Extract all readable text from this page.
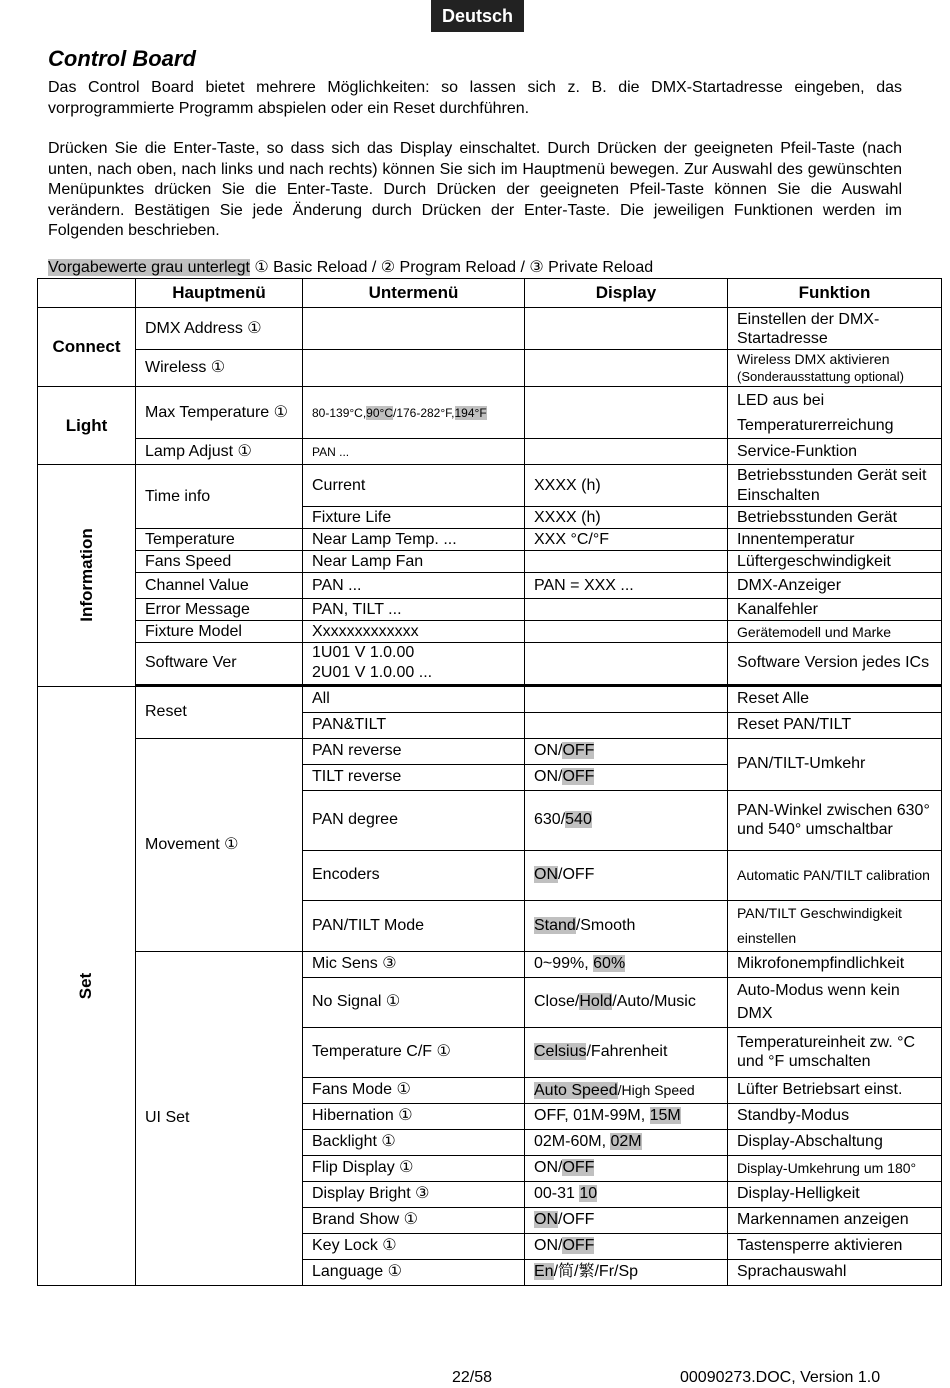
Deutsch
Control Board
Das Control Board bietet mehrere Möglichkeiten: so lassen sich z. B. die DMX-Startadresse eingeben, das vorprogrammierte Programm abspielen oder ein Reset durchführen.
Drücken Sie die Enter-Taste, so dass sich das Display einschaltet. Durch Drücken der geeigneten Pfeil-Taste (nach unten, nach oben, nach links und nach rechts) können Sie sich im Hauptmenü bewegen. Zur Auswahl des gewünschten Menüpunktes drücken Sie die Enter-Taste. Durch Drücken der geeigneten Pfeil-Taste können Sie die Auswahl verändern. Bestätigen Sie jede Änderung durch Drücken der Enter-Taste. Die jeweiligen Funktionen werden im Folgenden beschrieben.
Vorgabewerte grau unterlegt ① Basic Reload / ② Program Reload / ③ Private Reload
	Hauptmenü	Untermenü	Display	Funktion
Connect	DMX Address ①			Einstellen der DMX-Startadresse
	Wireless ①			Wireless DMX aktivieren
(Sonderausstattung optional)
Light	Max Temperature ①	80-139°C,90°C/176-282°F,194°F		LED aus bei Temperaturerreichung
	Lamp Adjust ①	PAN ...		Service-Funktion
Information	Time info	Current	XXXX (h)	Betriebsstunden Gerät seit Einschalten
		Fixture Life	XXXX (h)	Betriebsstunden Gerät
	Temperature	Near Lamp Temp. ...	XXX °C/°F	Innentemperatur
	Fans Speed	Near Lamp Fan		Lüftergeschwindigkeit
	Channel Value	PAN ...	PAN = XXX ...	DMX-Anzeiger
	Error Message	PAN, TILT ...		Kanalfehler
	Fixture Model	Xxxxxxxxxxxxx		Gerätemodell und Marke
	Software Ver	1U01 V 1.0.00
2U01 V 1.0.00 ...		Software Version jedes ICs

Set	Reset	All		Reset Alle
		PAN&TILT		Reset PAN/TILT
	Movement ①	PAN reverse	ON/OFF	PAN/TILT-Umkehr
		TILT reverse	ON/OFF	
		PAN degree	630/540	PAN-Winkel zwischen 630° und 540° umschaltbar
		Encoders	ON/OFF	Automatic PAN/TILT calibration
		PAN/TILT Mode	Stand/Smooth	PAN/TILT Geschwindigkeit einstellen
	UI Set	Mic Sens ③	0~99%, 60%	Mikrofonempfindlichkeit
		No Signal ①	Close/Hold/Auto/Music	Auto-Modus wenn kein DMX
		Temperature C/F ①	Celsius/Fahrenheit	Temperatureinheit zw. °C und °F umschalten
		Fans Mode ①	Auto Speed/High Speed	Lüfter Betriebsart einst.
		Hibernation ①	OFF, 01M-99M, 15M	Standby-Modus
		Backlight ①	02M-60M, 02M	Display-Abschaltung
		Flip Display ①	ON/OFF	Display-Umkehrung um 180°
		Display Bright ③	00-31 10	Display-Helligkeit
		Brand Show ①	ON/OFF	Markennamen anzeigen
		Key Lock ①	ON/OFF	Tastensperre aktivieren
		Language ①	En/简/繁/Fr/Sp	Sprachauswahl
22/58	00090273.DOC, Version 1.0
